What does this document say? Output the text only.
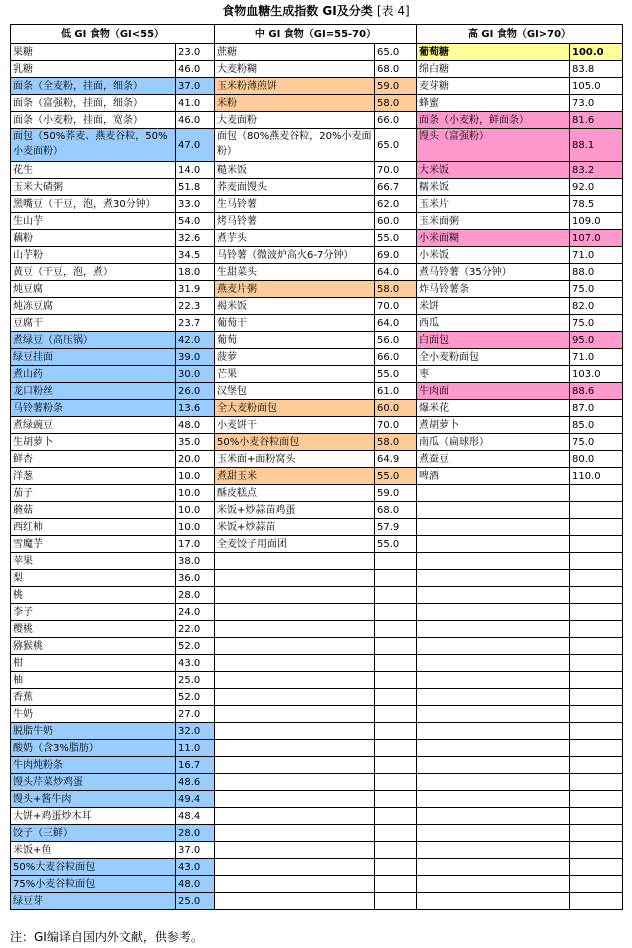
食物血糖生成指数 GI及分类 [表 4]
低 GI 食物（GI<55）		中 GI 食物（GI=55-70）		高 GI 食物（GI>70）	
果糖	23.0	蔗糖	65.0	葡萄糖	100.0
乳糖	46.0	大麦粉糊	68.0	绵白糖	83.8
面条（全麦粉，挂面，细条）	37.0	玉米粉薄煎饼	59.0	麦芽糖	105.0
面条（富强粉，挂面，细条）	41.0	米粉	58.0	蜂蜜	73.0
面条（小麦粉，挂面，宽条）	46.0	大麦面粉	66.0	面条（小麦粉，鲜面条）	81.6
面包（50%荞麦、燕麦谷粒，50%小麦面粉）	47.0	面包（80%燕麦谷粒，20%小麦面粉）	65.0	馒头（富强粉）	88.1
花生	14.0	糙米饭	70.0	大米饭	83.2
玉米大碴粥	51.8	荞麦面馒头	66.7	糯米饭	92.0
黑嘴豆（干豆，泡，煮30分钟）	33.0	生马铃薯	62.0	玉米片	78.5
生山芋	54.0	烤马铃薯	60.0	玉米面粥	109.0
藕粉	32.6	煮芋头	55.0	小米面糊	107.0
山芋粉	34.5	马铃薯（微波炉高火6-7分钟）	69.0	小米饭	71.0
黄豆（干豆，泡，煮）	18.0	生甜菜头	64.0	煮马铃薯（35分钟）	88.0
炖豆腐	31.9	燕麦片粥	58.0	炸马铃薯条	75.0
炖冻豆腐	22.3	褐米饭	70.0	米饼	82.0
豆腐干	23.7	葡萄干	64.0	西瓜	75.0
煮绿豆（高压锅）	42.0	葡萄	56.0	白面包	95.0
绿豆挂面	39.0	菠萝	66.0	全小麦粉面包	71.0
煮山药	30.0	芒果	55.0	枣	103.0
龙口粉丝	26.0	汉堡包	61.0	牛肉面	88.6
马铃薯粉条	13.6	全大麦粉面包	60.0	爆米花	87.0
煮绿豌豆	48.0	小麦饼干	70.0	煮胡萝卜	85.0
生胡萝卜	35.0	50%小麦谷粒面包	58.0	南瓜（扁球形）	75.0
鲜杏	20.0	玉米面+面粉窝头	64.9	煮蚕豆	80.0
洋葱	10.0	煮甜玉米	55.0	啤酒	110.0
茄子	10.0	酥皮糕点	59.0		
蘑菇	10.0	米饭+炒蒜苗鸡蛋	68.0		
西红柿	10.0	米饭+炒蒜苗	57.9		
雪魔芋	17.0	全麦饺子用面团	55.0		
苹果	38.0				
梨	36.0				
桃	28.0				
李子	24.0				
樱桃	22.0				
猕猴桃	52.0				
柑	43.0				
柚	25.0				
香蕉	52.0				
牛奶	27.0				
脱脂牛奶	32.0				
酸奶（含3%脂肪）	11.0				
牛肉炖粉条	16.7				
馒头芹菜炒鸡蛋	48.6				
馒头+酱牛肉	49.4				
大饼+鸡蛋炒木耳	48.4				
饺子（三鲜）	28.0				
米饭+鱼	37.0				
50%大麦谷粒面包	43.0				
75%小麦谷粒面包	48.0				
绿豆芽	25.0				
注：GI编译自国内外文献，供参考。
